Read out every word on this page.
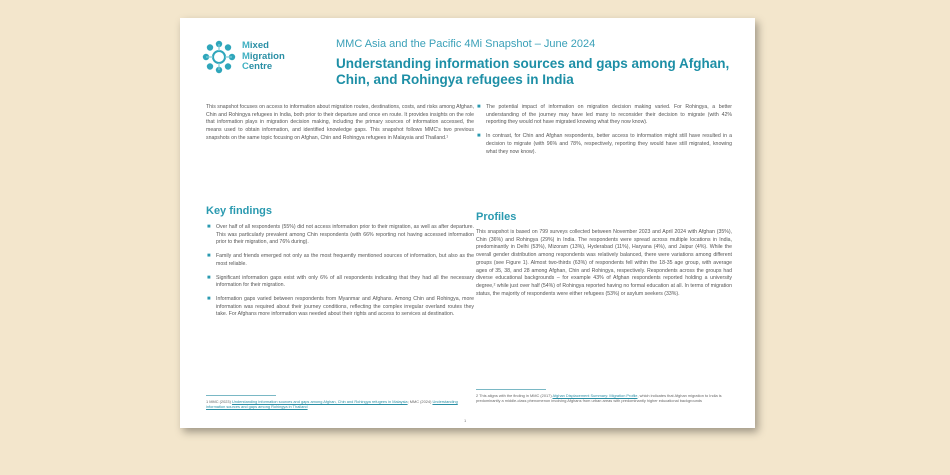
Mixed
Migration
Centre
MMC Asia and the Pacific 4Mi Snapshot – June 2024
Understanding information sources and gaps among Afghan, Chin, and Rohingya refugees in India

This snapshot focuses on access to information about migration routes, destinations, costs, and risks among Afghan, Chin and Rohingya refugees in India, both prior to their departure and once en route. It provides insights on the role that information plays in migration decision making, including the primary sources of information accessed, the means used to obtain information, and identified knowledge gaps. This snapshot follows MMC’s two previous snapshots on the same topic focusing on Afghan, Chin and Rohingya refugees in Malaysia and Thailand.¹

Key findings
■ Over half of all respondents (55%) did not access information prior to their migration, as well as after departure. This was particularly prevalent among Chin respondents (with 66% reporting not having accessed information prior to their migration, and 76% during).
■ Family and friends emerged not only as the most frequently mentioned sources of information, but also as the most reliable.
■ Significant information gaps exist with only 6% of all respondents indicating that they had all the necessary information for their migration.
■ Information gaps varied between respondents from Myanmar and Afghans. Among Chin and Rohingya, more information was required about their journey conditions, reflecting the complex irregular overland routes they take. For Afghans more information was needed about their rights and access to services at destination.
■ The potential impact of information on migration decision making varied. For Rohingya, a better understanding of the journey may have led many to reconsider their decision to migrate (with 42% reporting they would not have migrated knowing what they now know).
■ In contrast, for Chin and Afghan respondents, better access to information might still have resulted in a decision to migrate (with 96% and 78%, respectively, reporting they would have still migrated, knowing what they now know).
Profiles

This snapshot is based on 799 surveys collected between November 2023 and April 2024 with Afghan (35%), Chin (36%) and Rohingya (29%) in India. The respondents were spread across multiple locations in India, predominantly in Delhi (53%), Mizoram (13%), Hyderabad (11%), Haryana (4%), and Jaipur (4%). While the overall gender distribution among respondents was relatively balanced, there were variations among different groups (see Figure 1). Almost two-thirds (63%) of respondents fell within the 18-35 age group, with average ages of 35, 38, and 28 among Afghan, Chin and Rohingya, respectively. Respondents across the groups had diverse educational backgrounds – for example 43% of Afghan respondents reported holding a university degree,² while just over half (54%) of Rohingya reported having no formal education at all. In terms of migration status, the majority of respondents were either refugees (53%) or asylum seekers (33%).

1 MMC (2023) Understanding information sources and gaps among Afghan, Chin and Rohingya refugees in Malaysia; MMC (2024) Understanding information sources and gaps among Rohingya in Thailand
2 This aligns with the finding in MMC (2017) Afghan Displacement Summary: Migration Profile, which indicates that Afghan migration to India is predominantly a middle-class phenomenon involving Afghans from urban areas with predominantly higher educational backgrounds
1
